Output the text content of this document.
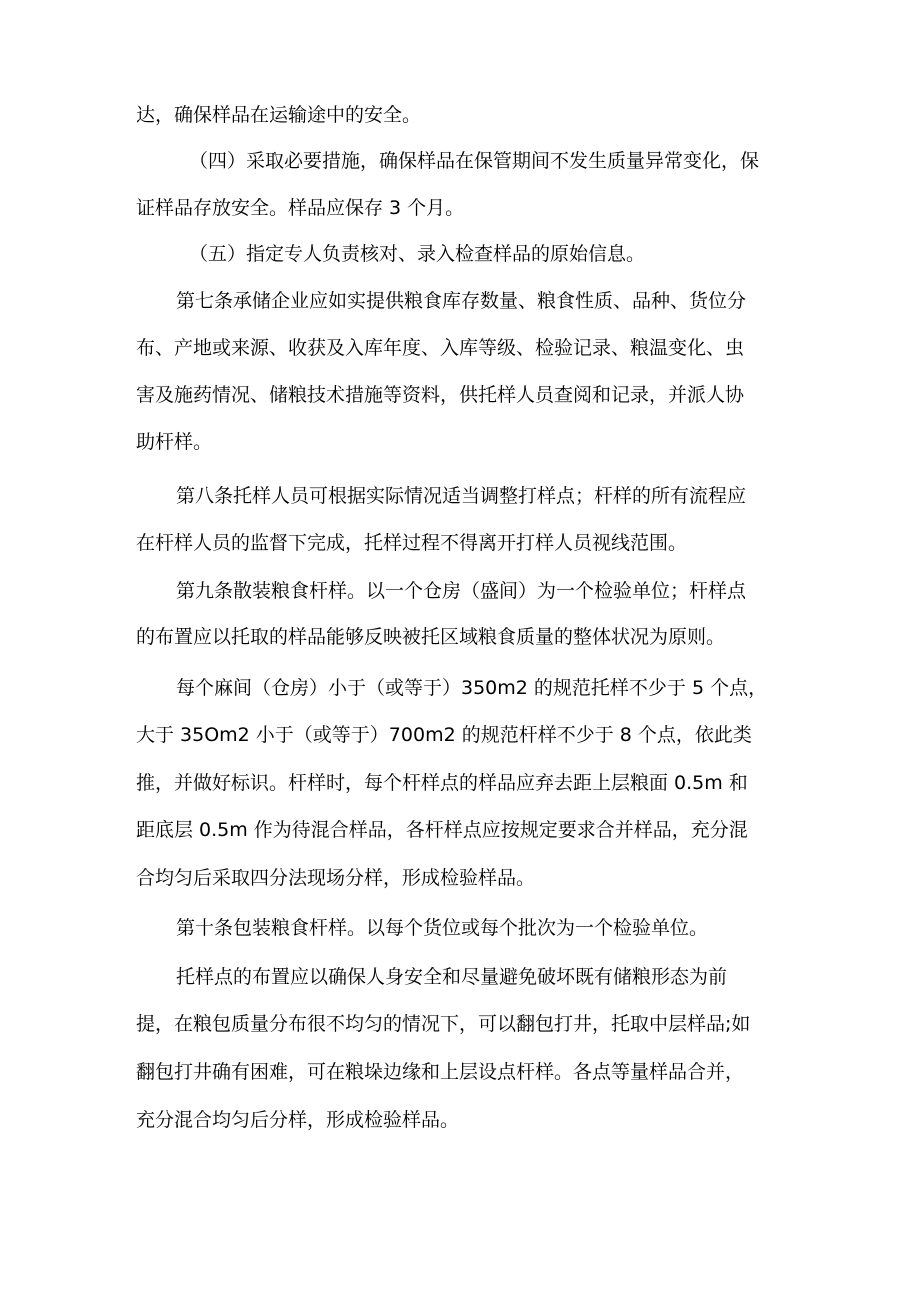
达，确保样品在运输途中的安全。
（四）采取必要措施，确保样品在保管期间不发生质量异常变化，保
证样品存放安全。样品应保存 3 个月。
（五）指定专人负责核对、录入检查样品的原始信息。
第七条承储企业应如实提供粮食库存数量、粮食性质、品种、货位分
布、产地或来源、收获及入库年度、入库等级、检验记录、粮温变化、虫
害及施药情况、储粮技术措施等资料，供托样人员查阅和记录，并派人协
助杆样。
第八条托样人员可根据实际情况适当调整打样点；杆样的所有流程应
在杆样人员的监督下完成，托样过程不得离开打样人员视线范围。
第九条散装粮食杆样。以一个仓房（盛间）为一个检验单位；杆样点
的布置应以托取的样品能够反映被托区域粮食质量的整体状况为原则。
每个麻间（仓房）小于（或等于）350m2 的规范托样不少于 5 个点，
大于 35Om2 小于（或等于）700m2 的规范杆样不少于 8 个点，依此类
推，并做好标识。杆样时，每个杆样点的样品应弃去距上层粮面 0.5m 和
距底层 0.5m 作为待混合样品，各杆样点应按规定要求合并样品，充分混
合均匀后采取四分法现场分样，形成检验样品。
第十条包装粮食杆样。以每个货位或每个批次为一个检验单位。
托样点的布置应以确保人身安全和尽量避免破坏既有储粮形态为前
提，在粮包质量分布很不均匀的情况下，可以翻包打井，托取中层样品;如
翻包打井确有困难，可在粮垛边缘和上层设点杆样。各点等量样品合并，
充分混合均匀后分样，形成检验样品。
